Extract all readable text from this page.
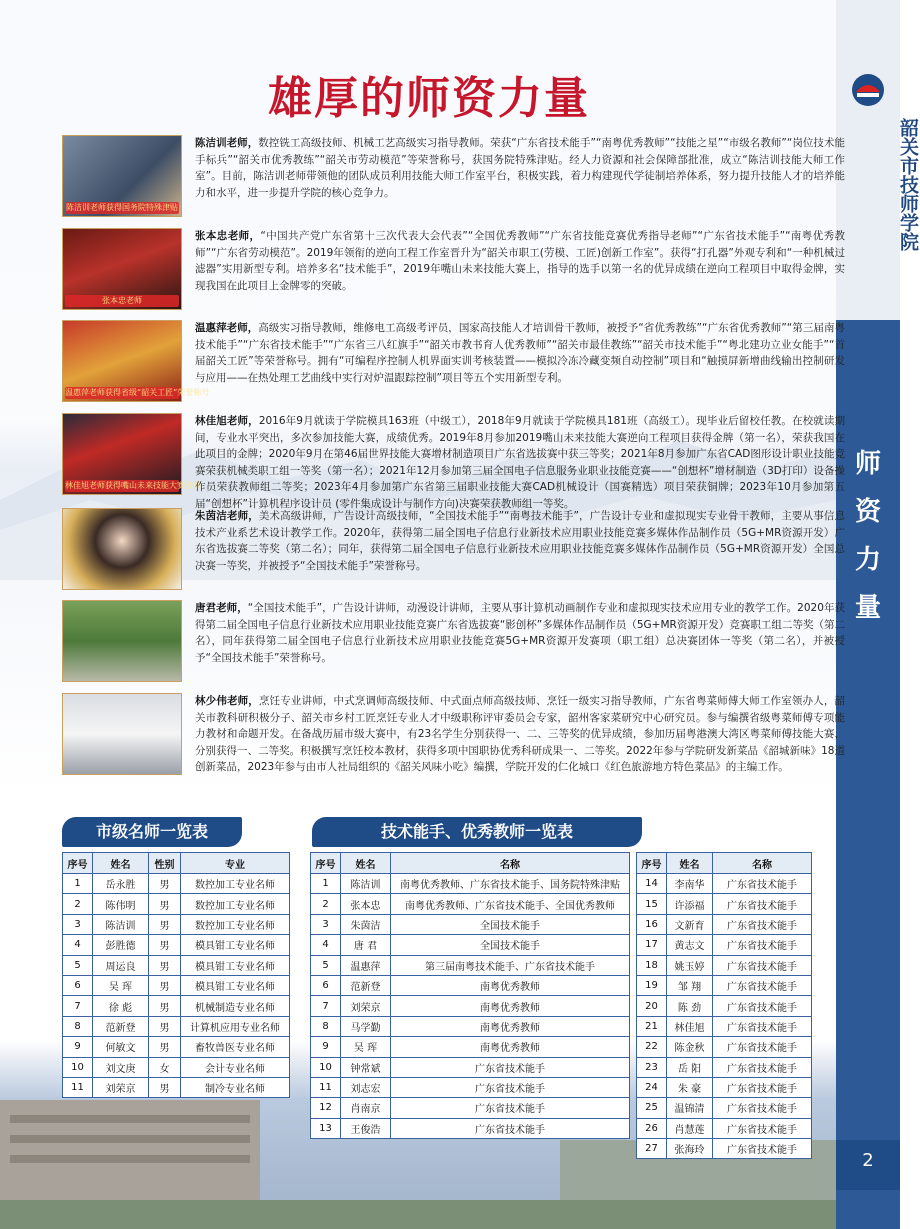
韶关市技师学院
师
资
力
量
2
雄厚的师资力量
陈洁训老师获得国务院特殊津贴
陈洁训老师，数控铣工高级技师、机械工艺高级实习指导教师。荣获“广东省技术能手”“南粤优秀教师”“技能之星”“市级名教师”“岗位技术能手标兵”“韶关市优秀教练”“韶关市劳动模范”等荣誉称号，获国务院特殊津贴。经人力资源和社会保障部批准，成立“陈洁训技能大师工作室”。目前，陈洁训老师带领他的团队成员利用技能大师工作室平台，积极实践，着力构建现代学徒制培养体系，努力提升技能人才的培养能力和水平，进一步提升学院的核心竞争力。
张本忠老师
张本忠老师，“中国共产党广东省第十三次代表大会代表”“全国优秀教师”“广东省技能竞赛优秀指导老师”“广东省技术能手”“南粤优秀教师”“广东省劳动模范”。2019年领衔的逆向工程工作室晋升为“韶关市职工(劳模、工匠)创新工作室”。获得“打孔器”外观专利和“一种机械过滤器”实用新型专利。培养多名“技术能手”，2019年嘴山未来技能大赛上，指导的选手以第一名的优异成绩在逆向工程项目中取得金牌，实现我国在此项目上金牌零的突破。
温惠萍老师获得省级“韶关工匠”荣誉称号
温惠萍老师，高级实习指导教师，维修电工高级考评员，国家高技能人才培训骨干教师，被授予“省优秀教练”“广东省优秀教师”“第三届南粤技术能手”“广东省技术能手”“广东省三八红旗手”“韶关市教书育人优秀教师”“韶关市最佳教练”“韶关市技术能手”“粤北建功立业女能手”“首届韶关工匠”等荣誉称号。拥有“可编程序控制人机界面实训考核装置——模拟冷冻冷藏变频自动控制”项目和“触摸屏新增曲线输出控制研发与应用——在热处理工艺曲线中实行对炉温跟踪控制”项目等五个实用新型专利。
林佳旭老师获得嘴山未来技能大赛金牌
林佳旭老师，2016年9月就读于学院模具163班（中级工），2018年9月就读于学院模具181班（高级工）。现毕业后留校任教。在校就读期间，专业水平突出，多次参加技能大赛，成绩优秀。2019年8月参加2019嘴山未来技能大赛逆向工程项目获得金牌（第一名），荣获我国在此项目的金牌；2020年9月在第46届世界技能大赛增材制造项目广东省选拔赛中获三等奖；2021年8月参加广东省CAD图形设计职业技能竞赛荣获机械类职工组一等奖（第一名）；2021年12月参加第三届全国电子信息服务业职业技能竞赛——“创想杯”增材制造（3D打印）设备操作员荣获教师组二等奖；2023年4月参加第广东省第三届职业技能大赛CAD机械设计（国赛精选）项目荣获铜牌；2023年10月参加第五届“创想杯”计算机程序设计员 (零件集成设计与制作方向)决赛荣获教师组一等奖。
朱茵洁老师，美术高级讲师，广告设计高级技师，“全国技术能手”“南粤技术能手”，广告设计专业和虚拟现实专业骨干教师，主要从事信息技术产业系艺术设计教学工作。2020年，获得第二届全国电子信息行业新技术应用职业技能竞赛多媒体作品制作员（5G+MR资源开发）广东省选拔赛二等奖（第二名）；同年，获得第二届全国电子信息行业新技术应用职业技能竞赛多媒体作品制作员（5G+MR资源开发）全国总决赛一等奖，并被授予“全国技术能手”荣誉称号。
唐君老师，“全国技术能手”，广告设计讲师，动漫设计讲师，主要从事计算机动画制作专业和虚拟现实技术应用专业的教学工作。2020年获得第二届全国电子信息行业新技术应用职业技能竞赛广东省选拔赛“影创杯”多媒体作品制作员（5G+MR资源开发）竞赛职工组二等奖（第二名），同年获得第二届全国电子信息行业新技术应用职业技能竞赛5G+MR资源开发赛项（职工组）总决赛团体一等奖（第二名），并被授予“全国技术能手”荣誉称号。
林少伟老师，烹饪专业讲师，中式烹调师高级技师、中式面点师高级技师、烹饪一级实习指导教师，广东省粤菜师傅大师工作室领办人，韶关市教科研积极分子、韶关市乡村工匠烹饪专业人才中级职称评审委员会专家，韶州客家菜研究中心研究员。参与编撰省级粤菜师傅专项能力教材和命题开发。在备战历届市级大赛中，有23名学生分别获得一、二、三等奖的优异成绩，参加历届粤港澳大湾区粤菜师傅技能大赛，分别获得一、二等奖。积极撰写烹饪校本教材，获得多项中国职协优秀科研成果一、二等奖。2022年参与学院研发新菜品《韶城新味》18道创新菜品，2023年参与由市人社局组织的《韶关风味小吃》编撰，学院开发的仁化城口《红色旅游地方特色菜品》的主编工作。
市级名师一览表
序号	姓名	性别	专业
1	岳永胜	男	数控加工专业名师
2	陈伟明	男	数控加工专业名师
3	陈洁训	男	数控加工专业名师
4	彭胜德	男	模具钳工专业名师
5	周运良	男	模具钳工专业名师
6	吴 珲	男	模具钳工专业名师
7	徐 彪	男	机械制造专业名师
8	范新登	男	计算机应用专业名师
9	何敏文	男	畜牧兽医专业名师
10	刘文庚	女	会计专业名师
11	刘荣京	男	制冷专业名师
技术能手、优秀教师一览表
序号	姓名	名称
1	陈洁训	南粤优秀教师、广东省技术能手、国务院特殊津贴
2	张本忠	南粤优秀教师、广东省技术能手、全国优秀教师
3	朱茵洁	全国技术能手
4	唐 君	全国技术能手
5	温惠萍	第三届南粤技术能手、广东省技术能手
6	范新登	南粤优秀教师
7	刘荣京	南粤优秀教师
8	马学勤	南粤优秀教师
9	吴 珲	南粤优秀教师
10	钟常斌	广东省技术能手
11	刘志宏	广东省技术能手
12	肖南京	广东省技术能手
13	王俊浩	广东省技术能手
序号	姓名	名称
14	李南华	广东省技术能手
15	许添福	广东省技术能手
16	文新育	广东省技术能手
17	黄志文	广东省技术能手
18	姚玉婷	广东省技术能手
19	邹 翔	广东省技术能手
20	陈 劲	广东省技术能手
21	林佳旭	广东省技术能手
22	陈金秋	广东省技术能手
23	岳 阳	广东省技术能手
24	朱 豪	广东省技术能手
25	温锦清	广东省技术能手
26	肖慧莲	广东省技术能手
27	张海玲	广东省技术能手
